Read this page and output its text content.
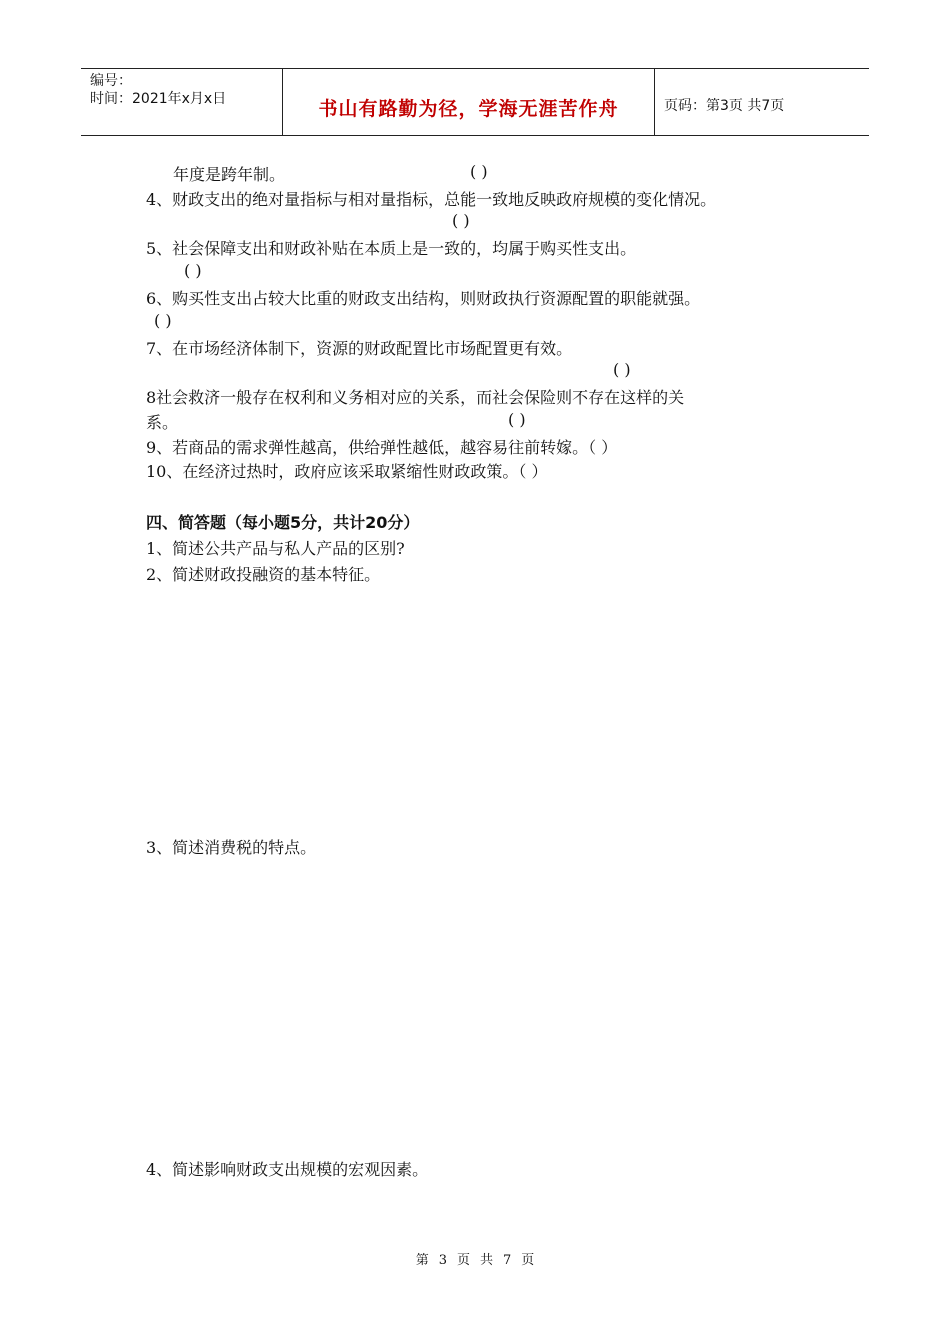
编号：
时间：2021年x月x日	书山有路勤为径，学海无涯苦作舟	页码：第3页 共7页
年度是跨年制。	( )
4、财政支出的绝对量指标与相对量指标，总能一致地反映政府规模的变化情况。
( )
5、社会保障支出和财政补贴在本质上是一致的，均属于购买性支出。
( )
6、购买性支出占较大比重的财政支出结构，则财政执行资源配置的职能就强。
( )
7、在市场经济体制下，资源的财政配置比市场配置更有效。
( )
8社会救济一般存在权利和义务相对应的关系，而社会保险则不存在这样的关
系。	( )
9、若商品的需求弹性越高，供给弹性越低，越容易往前转嫁。（ ）
10、在经济过热时，政府应该采取紧缩性财政政策。（ ）
四、简答题（每小题5分，共计20分）
1、简述公共产品与私人产品的区别?
2、简述财政投融资的基本特征。
3、简述消费税的特点。
4、简述影响财政支出规模的宏观因素。
第 3 页 共 7 页
